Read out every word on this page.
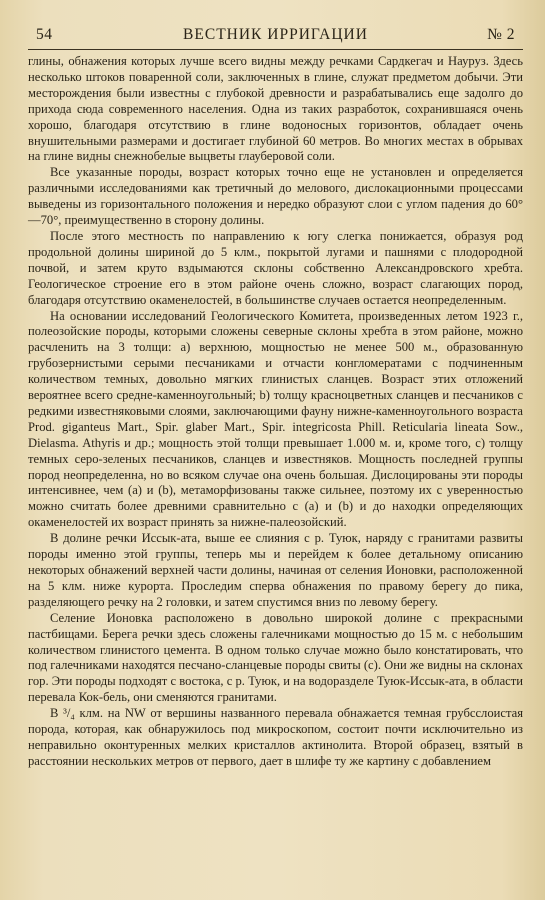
54	ВЕСТНИК ИРРИГАЦИИ	№ 2

глины, обнажения которых лучше всего видны между речками Сардкегач и Науруз. Здесь несколько штоков поваренной соли, заключенных в глине, служат предметом добычи. Эти месторождения были известны с глубокой древности и разрабатывались еще задолго до прихода сюда современного населения. Одна из таких разработок, сохранившаяся очень хорошо, благодаря отсутствию в глине водоносных горизонтов, обладает очень внушительными размерами и достигает глубиной 60 метров. Во многих местах в обрывах на глине видны снежнобелые выцветы глауберовой соли.

Все указанные породы, возраст которых точно еще не установлен и определяется различными исследованиями как третичный до мелового, дислокационными процессами выведены из горизонтального положения и нередко образуют слои с углом падения до 60°—70°, преимущественно в сторону долины.

После этого местность по направлению к югу слегка понижается, образуя род продольной долины шириной до 5 клм., покрытой лугами и пашнями с плодородной почвой, и затем круто вздымаются склоны собственно Александровского хребта. Геологическое строение его в этом районе очень сложно, возраст слагающих пород, благодаря отсутствию окаменелостей, в большинстве случаев остается неопределенным.

На основании исследований Геологического Комитета, произведенных летом 1923 г., полеозойские породы, которыми сложены северные склоны хребта в этом районе, можно расчленить на 3 толщи: а) верхнюю, мощностью не менее 500 м., образованную грубозернистыми серыми песчаниками и отчасти конгломератами с подчиненным количеством темных, довольно мягких глинистых сланцев. Возраст этих отложений вероятнее всего средне-каменноугольный; b) толщу красноцветных сланцев и песчаников с редкими известняковыми слоями, заключающими фауну нижне-каменноугольного возраста Prod. giganteus Mart., Spir. glaber Mart., Spir. integricosta Phill. Reticularia lineata Sow., Dielasma. Athyris и др.; мощность этой толщи превышает 1.000 м. и, кроме того, с) толщу темных серо-зеленых песчаников, сланцев и известняков. Мощность последней группы пород неопределенна, но во всяком случае она очень большая. Дислоцированы эти породы интенсивнее, чем (a) и (b), метаморфизованы также сильнее, поэтому их с уверенностью можно считать более древними сравнительно с (a) и (b) и до находки определяющих окаменелостей их возраст принять за нижне-палеозойский.

В долине речки Иссык-ата, выше ее слияния с р. Туюк, наряду с гранитами развиты породы именно этой группы, теперь мы и перейдем к более детальному описанию некоторых обнажений верхней части долины, начиная от селения Ионовки, расположенной на 5 клм. ниже курорта. Проследим сперва обнажения по правому берегу до пика, разделяющего речку на 2 головки, и затем спустимся вниз по левому берегу.

Селение Ионовка расположено в довольно широкой долине с прекрасными пастбищами. Берега речки здесь сложены галечниками мощностью до 15 м. с небольшим количеством глинистого цемента. В одном только случае можно было констатировать, что под галечниками находятся песчано-сланцевые породы свиты (с). Они же видны на склонах гор. Эти породы подходят с востока, с р. Туюк, и на водоразделе Туюк-Иссык-ата, в области перевала Кок-бель, они сменяются гранитами.

В ³/₄ клм. на NW от вершины названного перевала обнажается темная грубсслоистая порода, которая, как обнаружилось под микроскопом, состоит почти исключительно из неправильно оконтуренных мелких кристаллов актинолита. Второй образец, взятый в расстоянии нескольких метров от первого, дает в шлифе ту же картину с добавлением
